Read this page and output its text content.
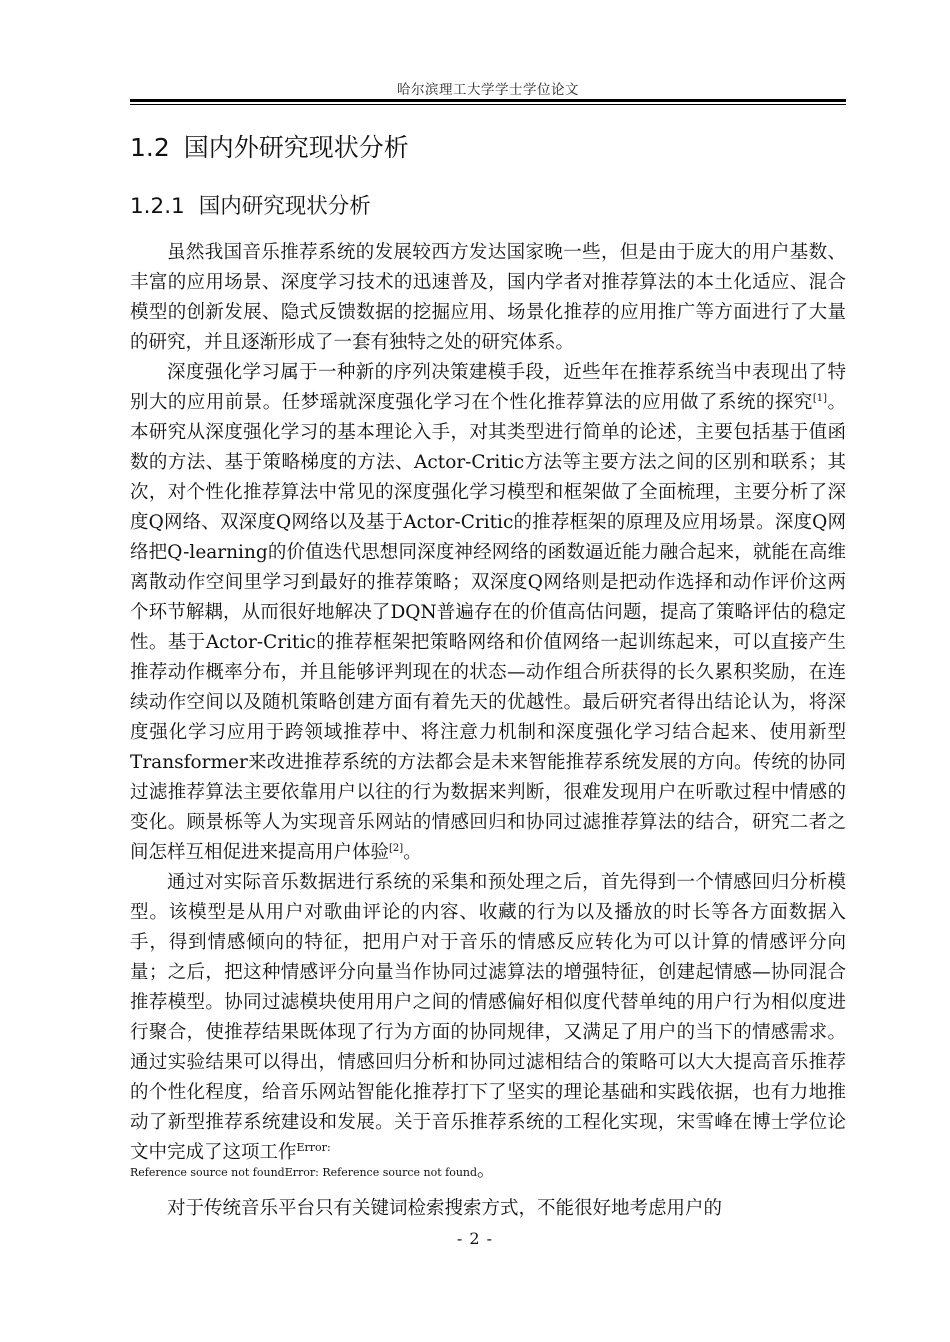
哈尔滨理工大学学士学位论文
1.2 国内外研究现状分析
1.2.1 国内研究现状分析

虽然我国音乐推荐系统的发展较西方发达国家晚一些，但是由于庞大的用户基数、丰富的应用场景、深度学习技术的迅速普及，国内学者对推荐算法的本土化适应、混合模型的创新发展、隐式反馈数据的挖掘应用、场景化推荐的应用推广等方面进行了大量的研究，并且逐渐形成了一套有独特之处的研究体系。

深度强化学习属于一种新的序列决策建模手段，近些年在推荐系统当中表现出了特别大的应用前景。任梦瑶就深度强化学习在个性化推荐算法的应用做了系统的探究[1]。本研究从深度强化学习的基本理论入手，对其类型进行简单的论述，主要包括基于值函数的方法、基于策略梯度的方法、Actor-Critic方法等主要方法之间的区别和联系；其次，对个性化推荐算法中常见的深度强化学习模型和框架做了全面梳理，主要分析了深度Q网络、双深度Q网络以及基于Actor-Critic的推荐框架的原理及应用场景。深度Q网络把Q-learning的价值迭代思想同深度神经网络的函数逼近能力融合起来，就能在高维离散动作空间里学习到最好的推荐策略；双深度Q网络则是把动作选择和动作评价这两个环节解耦，从而很好地解决了DQN普遍存在的价值高估问题，提高了策略评估的稳定性。基于Actor-Critic的推荐框架把策略网络和价值网络一起训练起来，可以直接产生推荐动作概率分布，并且能够评判现在的状态—动作组合所获得的长久累积奖励，在连续动作空间以及随机策略创建方面有着先天的优越性。最后研究者得出结论认为，将深度强化学习应用于跨领域推荐中、将注意力机制和深度强化学习结合起来、使用新型Transformer来改进推荐系统的方法都会是未来智能推荐系统发展的方向。传统的协同过滤推荐算法主要依靠用户以往的行为数据来判断，很难发现用户在听歌过程中情感的变化。顾景栎等人为实现音乐网站的情感回归和协同过滤推荐算法的结合，研究二者之间怎样互相促进来提高用户体验[2]。

通过对实际音乐数据进行系统的采集和预处理之后，首先得到一个情感回归分析模型。该模型是从用户对歌曲评论的内容、收藏的行为以及播放的时长等各方面数据入手，得到情感倾向的特征，把用户对于音乐的情感反应转化为可以计算的情感评分向量；之后，把这种情感评分向量当作协同过滤算法的增强特征，创建起情感—协同混合推荐模型。协同过滤模块使用用户之间的情感偏好相似度代替单纯的用户行为相似度进行聚合，使推荐结果既体现了行为方面的协同规律，又满足了用户的当下的情感需求。通过实验结果可以得出，情感回归分析和协同过滤相结合的策略可以大大提高音乐推荐的个性化程度，给音乐网站智能化推荐打下了坚实的理论基础和实践依据，也有力地推动了新型推荐系统建设和发展。关于音乐推荐系统的工程化实现，宋雪峰在博士学位论文中完成了这项工作$^{Error:}$
Reference source not foundError: Reference source not found。

对于传统音乐平台只有关键词检索搜索方式，不能很好地考虑用户的

- 2 -
